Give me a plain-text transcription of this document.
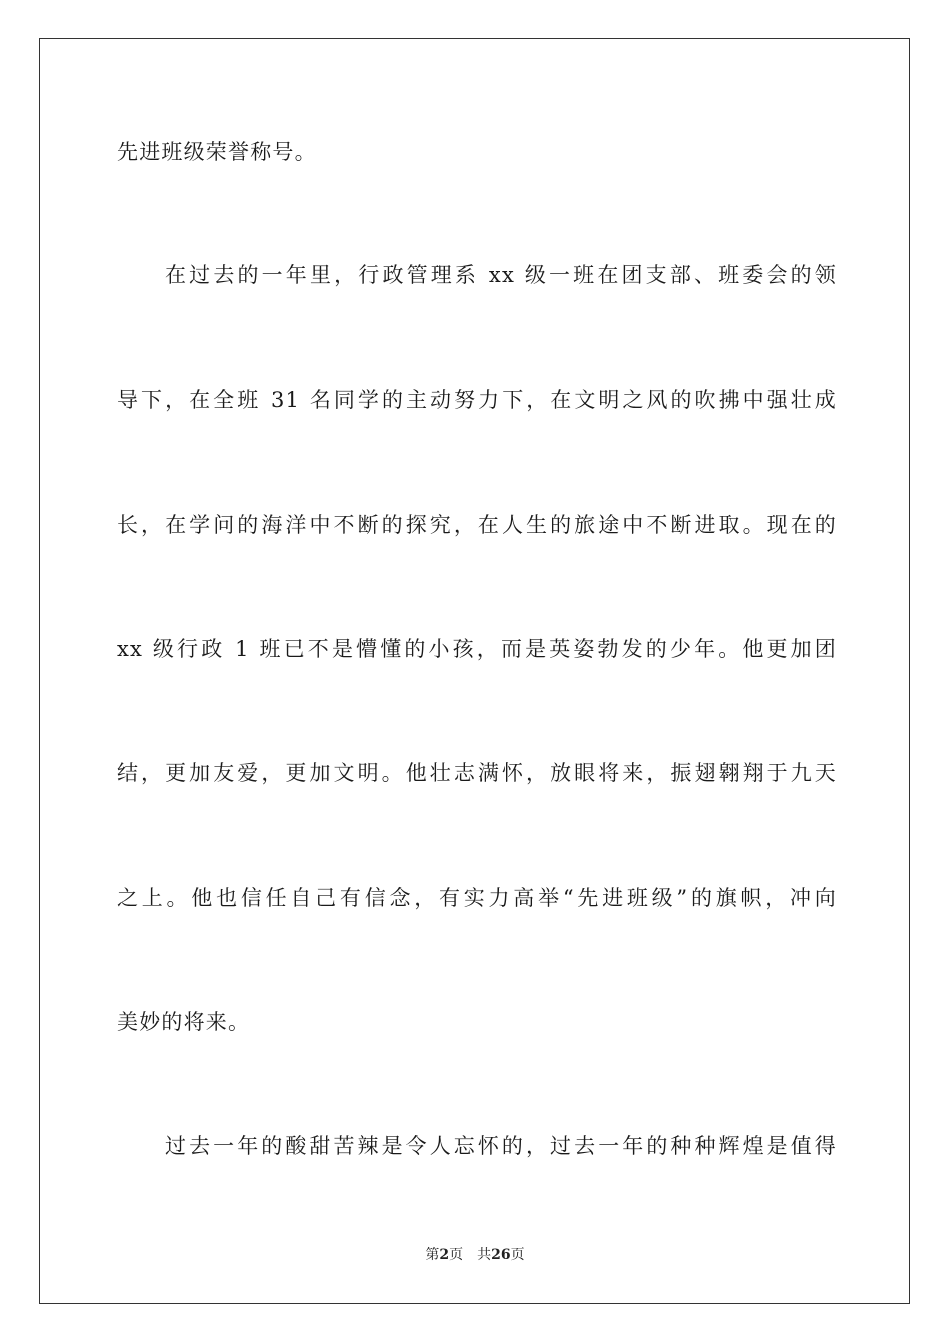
先进班级荣誉称号。
在过去的一年里，行政管理系 xx 级一班在团支部、班委会的领
导下，在全班 31 名同学的主动努力下，在文明之风的吹拂中强壮成
长，在学问的海洋中不断的探究，在人生的旅途中不断进取。现在的
xx 级行政 1 班已不是懵懂的小孩，而是英姿勃发的少年。他更加团
结，更加友爱，更加文明。他壮志满怀，放眼将来，振翅翱翔于九天
之上。他也信任自己有信念，有实力高举“先进班级”的旗帜，冲向
美妙的将来。
过去一年的酸甜苦辣是令人忘怀的，过去一年的种种辉煌是值得
第2页 共26页
